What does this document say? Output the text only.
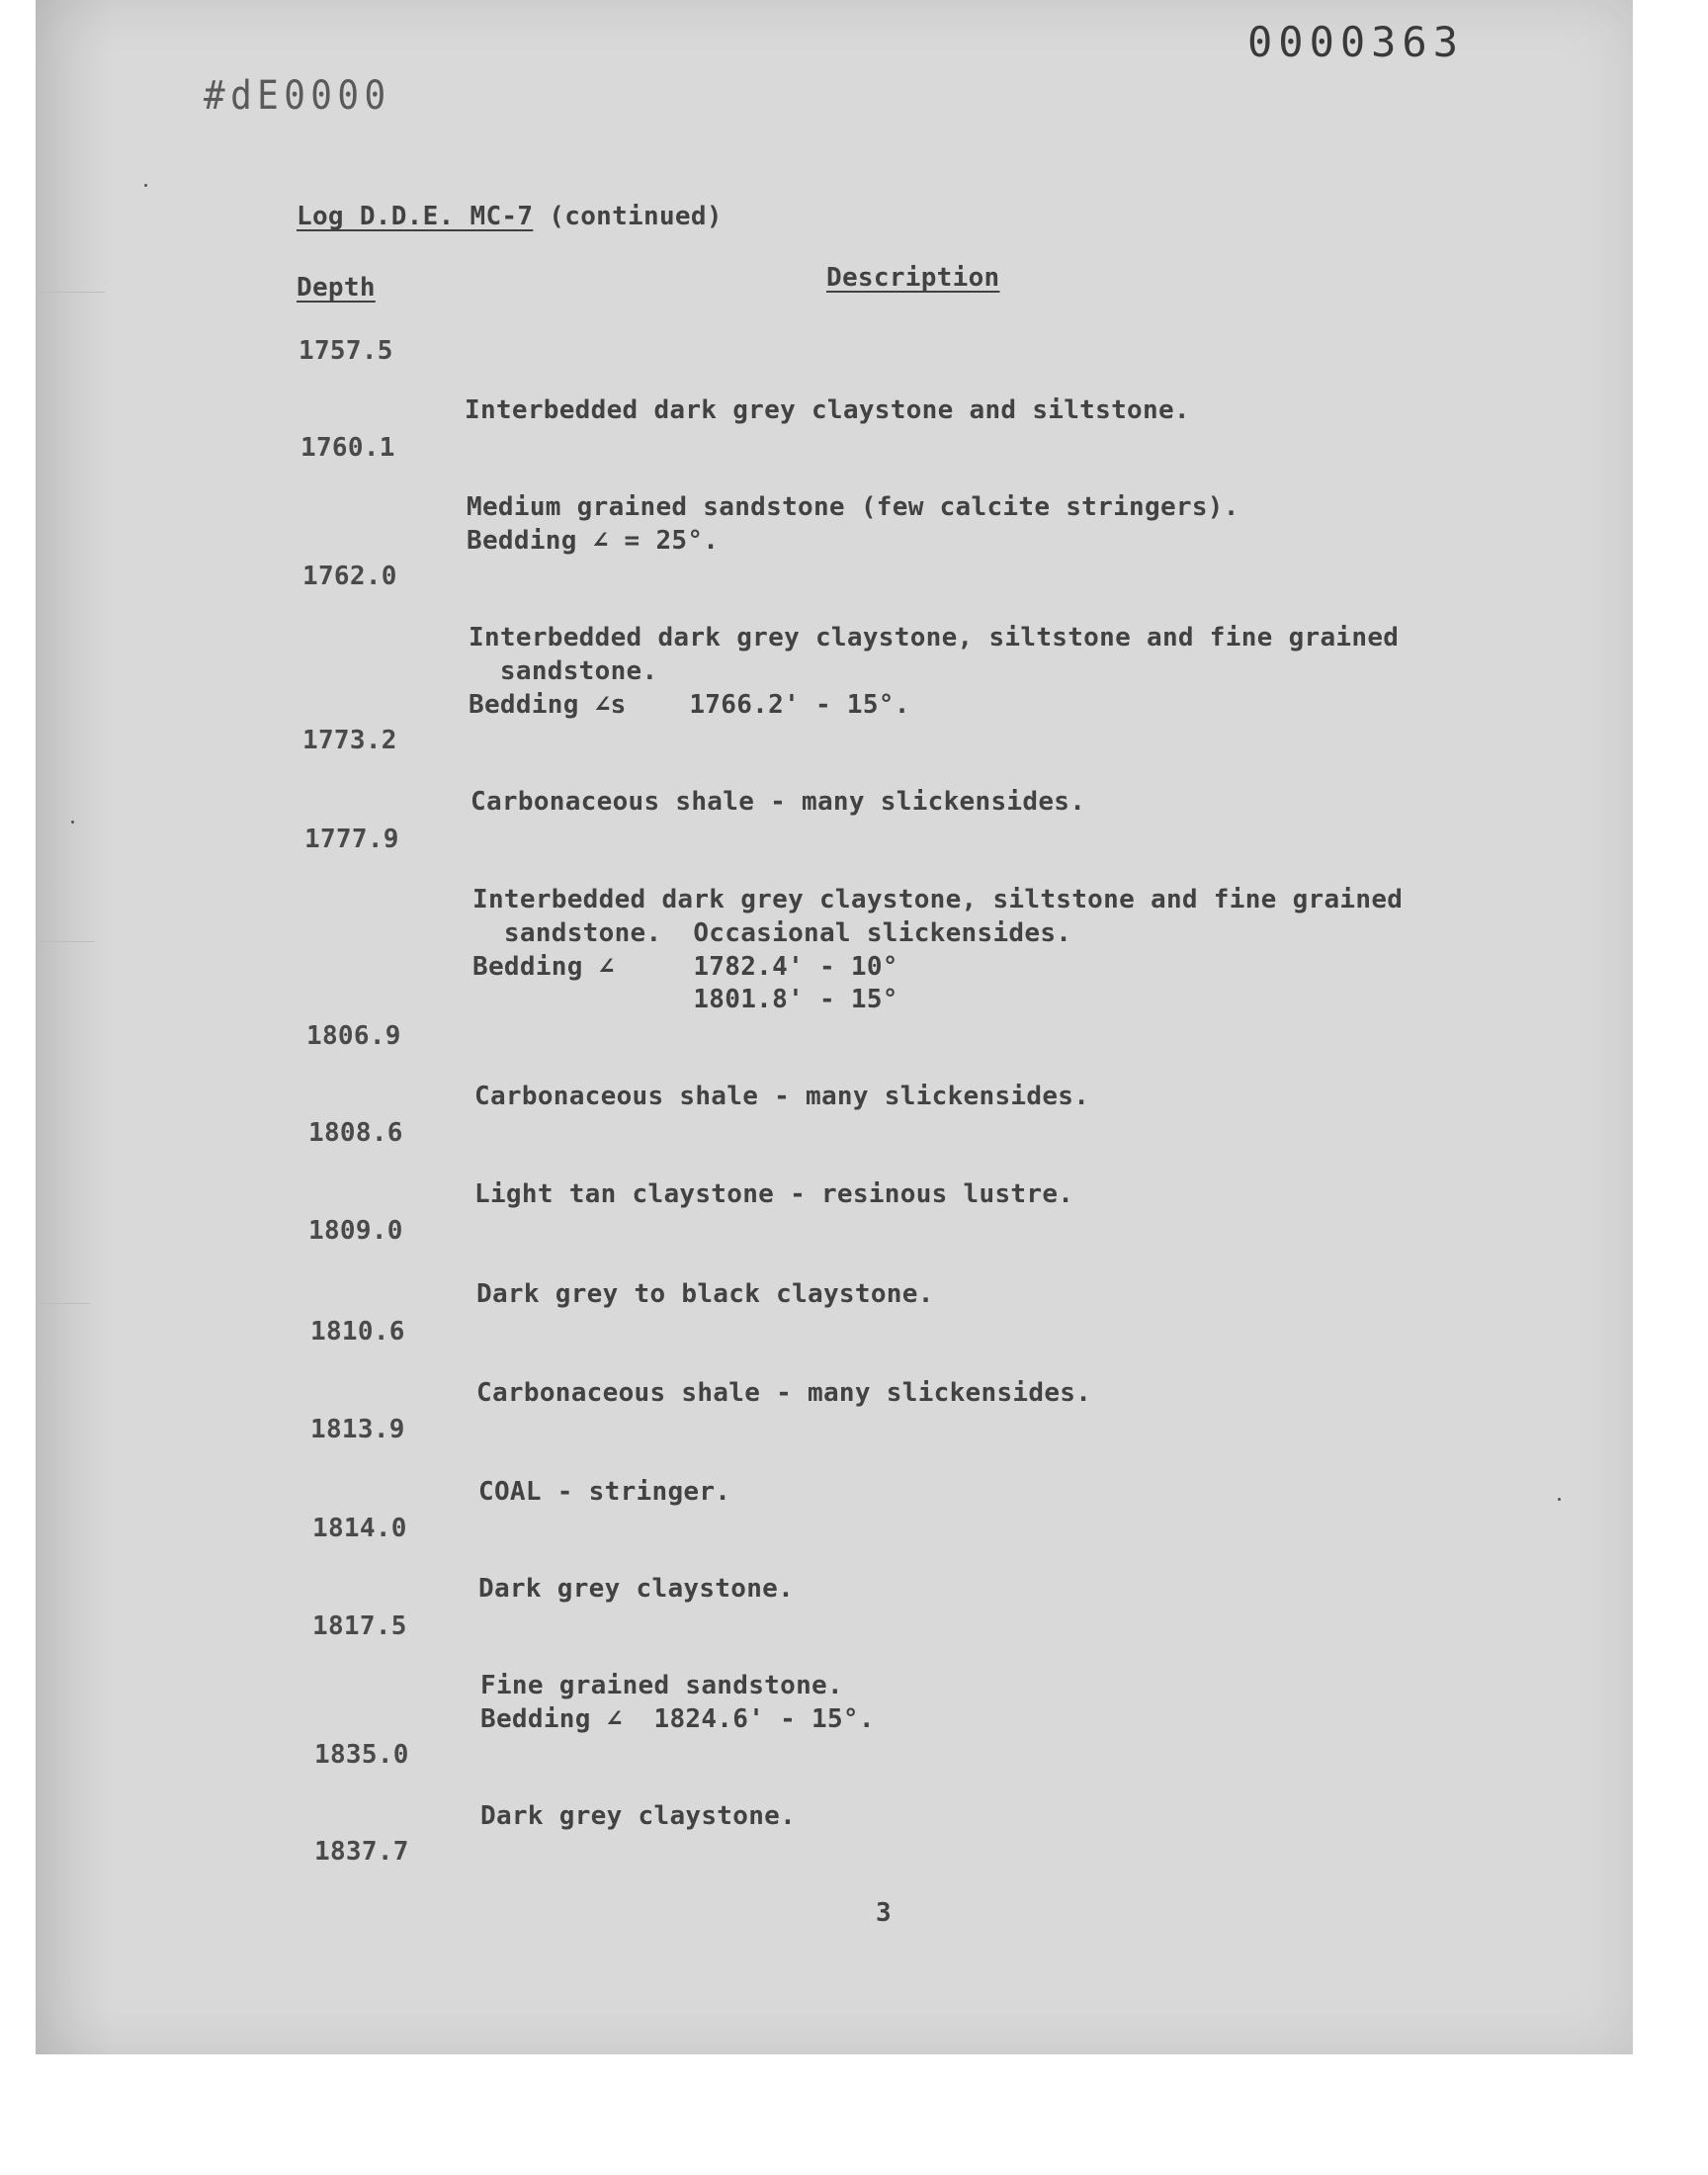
0000363
#dE0000
Log D.D.E. MC-7 (continued)
Depth	Description
1757.5
1760.1
1762.0
1773.2
1777.9
1806.9
1808.6
1809.0
1810.6
1813.9
1814.0
1817.5
1835.0
1837.7
Interbedded dark grey claystone and siltstone.
Medium grained sandstone (few calcite stringers).
Bedding ∠ = 25°.
Interbedded dark grey claystone, siltstone and fine grained
sandstone.
Bedding ∠s    1766.2' - 15°.
Carbonaceous shale - many slickensides.
Interbedded dark grey claystone, siltstone and fine grained
sandstone.  Occasional slickensides.
Bedding ∠     1782.4' - 10°
1801.8' - 15°
Carbonaceous shale - many slickensides.
Light tan claystone - resinous lustre.
Dark grey to black claystone.
Carbonaceous shale - many slickensides.
COAL - stringer.
Dark grey claystone.
Fine grained sandstone.
Bedding ∠  1824.6' - 15°.
Dark grey claystone.
3
